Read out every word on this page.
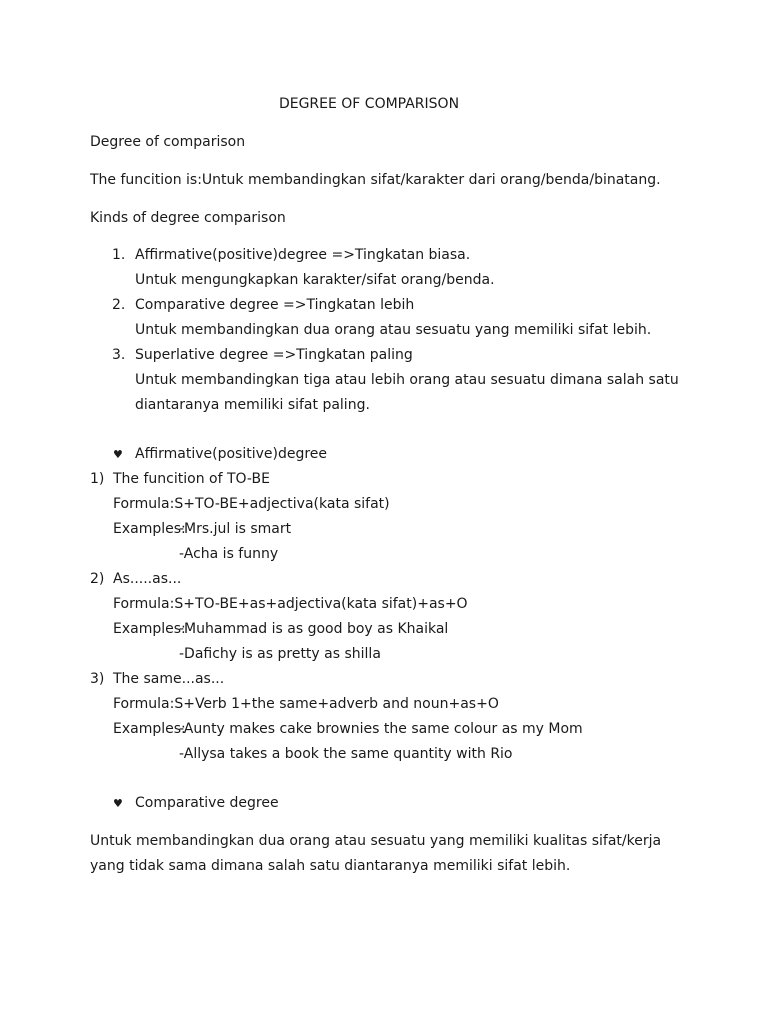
DEGREE OF COMPARISON
Degree of comparison
The funcition is:Untuk membandingkan sifat/karakter dari orang/benda/binatang.
Kinds of degree comparison
1. Affirmative(positive)degree =>Tingkatan biasa.
Untuk mengungkapkan karakter/sifat orang/benda.
2. Comparative degree =>Tingkatan lebih
Untuk membandingkan dua orang atau sesuatu yang memiliki sifat lebih.
3. Superlative degree =>Tingkatan paling
Untuk membandingkan tiga atau lebih orang atau sesuatu dimana salah satu
diantaranya memiliki sifat paling.
♥ Affirmative(positive)degree
1) The funcition of TO-BE
Formula:S+TO-BE+adjectiva(kata sifat)
Examples:
-Mrs.jul is smart
-Acha is funny
2) As.....as...
Formula:S+TO-BE+as+adjectiva(kata sifat)+as+O
Examples:
-Muhammad is as good boy as Khaikal
-Dafichy is as pretty as shilla
3) The same...as...
Formula:S+Verb 1+the same+adverb and noun+as+O
Examples:
-Aunty makes cake brownies the same colour as my Mom
-Allysa takes a book the same quantity with Rio
♥ Comparative degree
Untuk membandingkan dua orang atau sesuatu yang memiliki kualitas sifat/kerja
yang tidak sama dimana salah satu diantaranya memiliki sifat lebih.
